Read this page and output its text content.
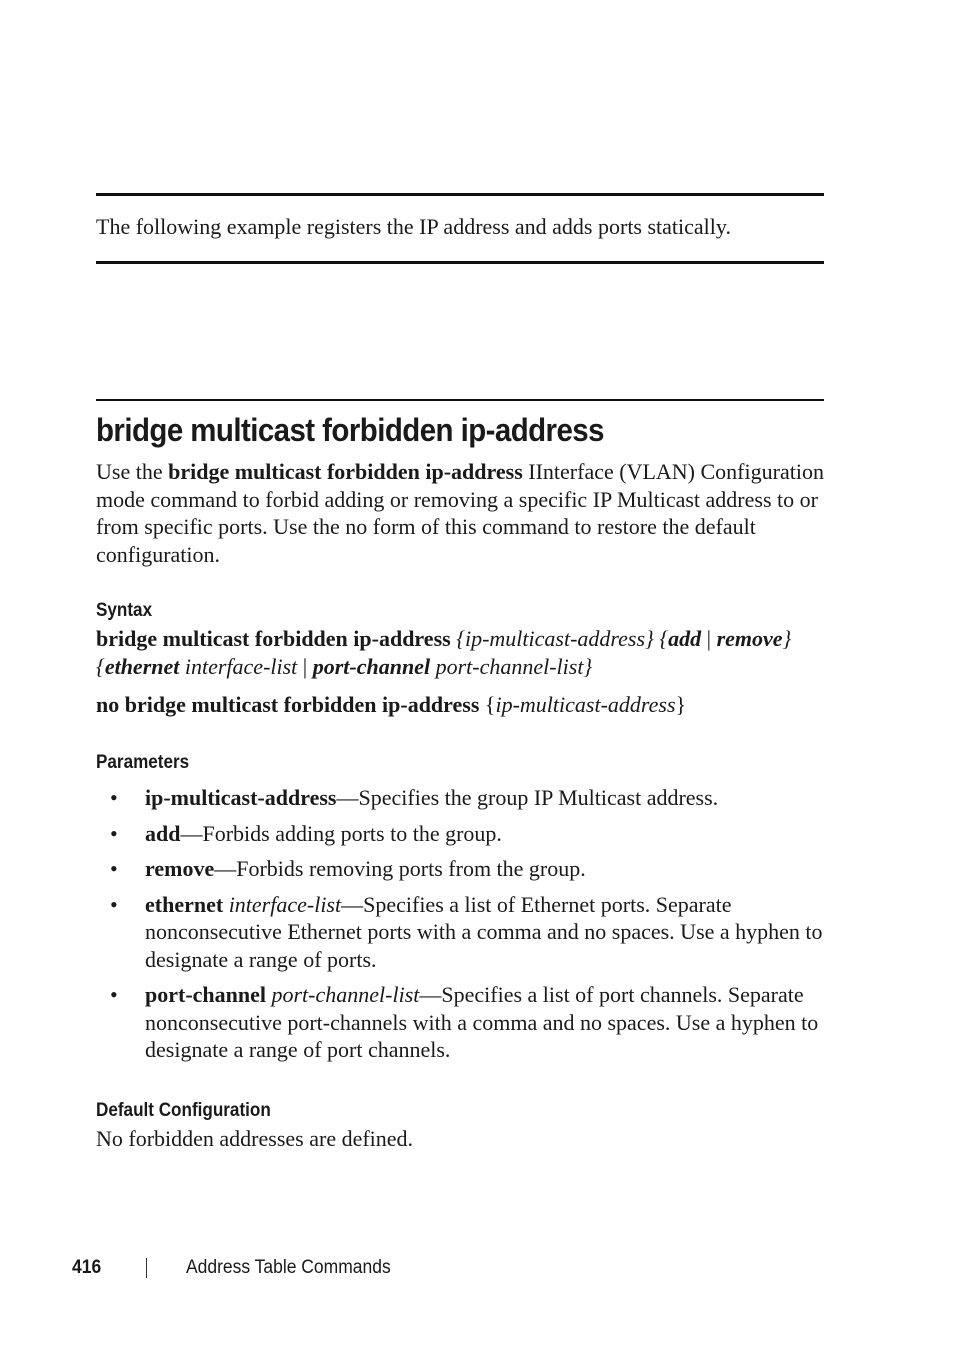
The following example registers the IP address and adds ports statically.
bridge multicast forbidden ip-address
Use the bridge multicast forbidden ip-address IInterface (VLAN) Configuration mode command to forbid adding or removing a specific IP Multicast address to or from specific ports. Use the no form of this command to restore the default configuration.
Syntax
bridge multicast forbidden ip-address {ip-multicast-address} {add | remove} {ethernet interface-list | port-channel port-channel-list}
no bridge multicast forbidden ip-address {ip-multicast-address}
Parameters
• ip-multicast-address—Specifies the group IP Multicast address.
• add—Forbids adding ports to the group.
• remove—Forbids removing ports from the group.
• ethernet interface-list—Specifies a list of Ethernet ports. Separate nonconsecutive Ethernet ports with a comma and no spaces. Use a hyphen to designate a range of ports.
• port-channel port-channel-list—Specifies a list of port channels. Separate nonconsecutive port-channels with a comma and no spaces. Use a hyphen to designate a range of port channels.
Default Configuration
No forbidden addresses are defined.
416	Address Table Commands
